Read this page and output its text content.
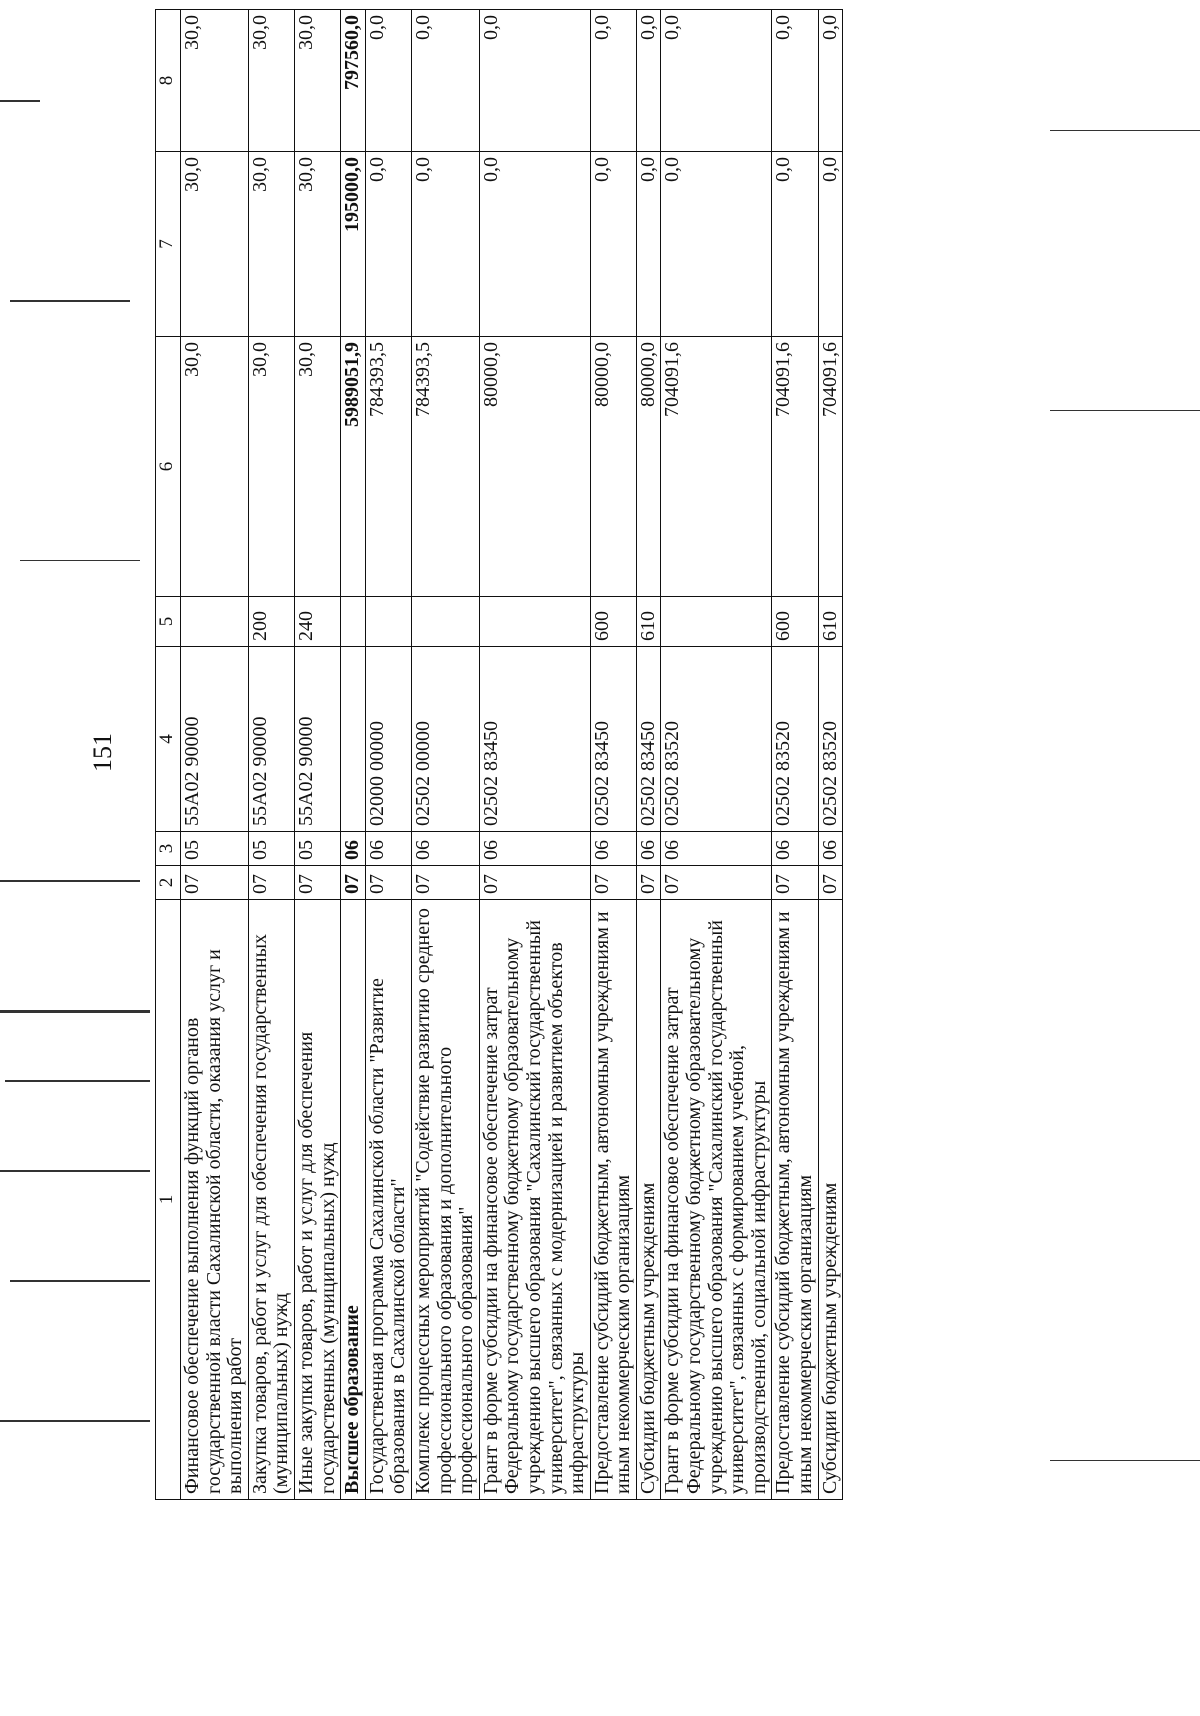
151
1	2	3	4	5	6	7	8
Финансовое обеспечение выполнения функций органов государственной власти Сахалинской области, оказания услуг и выполнения работ	07	05	55А02 90000		30,0	30,0	30,0
Закупка товаров, работ и услуг для обеспечения государственных (муниципальных) нужд	07	05	55А02 90000	200	30,0	30,0	30,0
Иные закупки товаров, работ и услуг для обеспечения государственных (муниципальных) нужд	07	05	55А02 90000	240	30,0	30,0	30,0
Высшее образование	07	06			5989051,9	195000,0	797560,0
Государственная программа Сахалинской области "Развитие образования в Сахалинской области"	07	06	02000 00000		784393,5	0,0	0,0
Комплекс процессных мероприятий "Содействие развитию среднего профессионального образования и дополнительного профессионального образования"	07	06	02502 00000		784393,5	0,0	0,0
Грант в форме субсидии на финансовое обеспечение затрат Федеральному государственному бюджетному образовательному учреждению высшего образования "Сахалинский государственный университет", связанных с модернизацией и развитием объектов инфраструктуры	07	06	02502 83450		80000,0	0,0	0,0
Предоставление субсидий бюджетным, автономным учреждениям и иным некоммерческим организациям	07	06	02502 83450	600	80000,0	0,0	0,0
Субсидии бюджетным учреждениям	07	06	02502 83450	610	80000,0	0,0	0,0
Грант в форме субсидии на финансовое обеспечение затрат Федеральному государственному бюджетному образовательному учреждению высшего образования "Сахалинский государственный университет", связанных с формированием учебной, производственной, социальной инфраструктуры	07	06	02502 83520		704091,6	0,0	0,0
Предоставление субсидий бюджетным, автономным учреждениям и иным некоммерческим организациям	07	06	02502 83520	600	704091,6	0,0	0,0
Субсидии бюджетным учреждениям	07	06	02502 83520	610	704091,6	0,0	0,0
